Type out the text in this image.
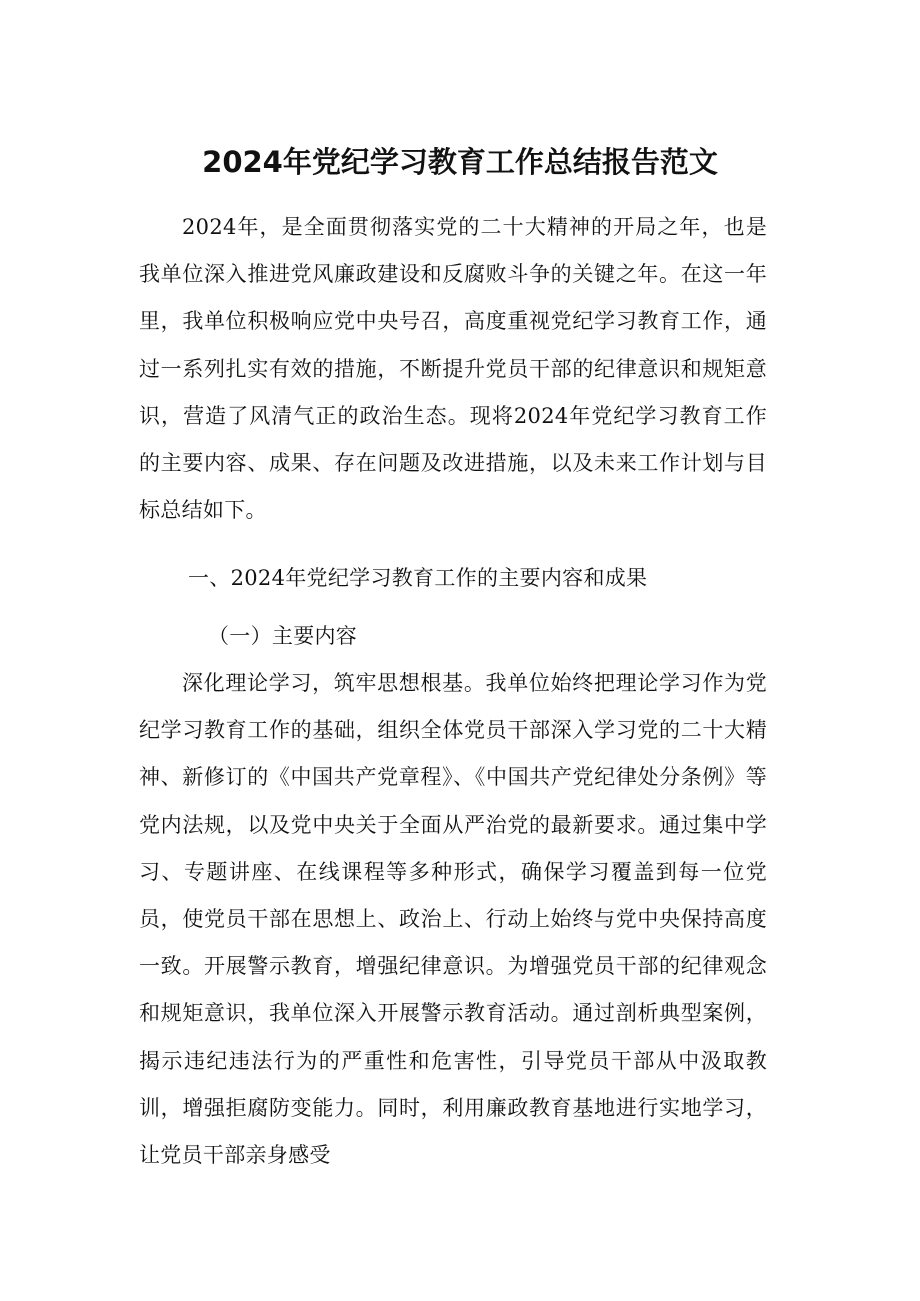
2024年党纪学习教育工作总结报告范文

2024年，是全面贯彻落实党的二十大精神的开局之年，也是我单位深入推进党风廉政建设和反腐败斗争的关键之年。在这一年里，我单位积极响应党中央号召，高度重视党纪学习教育工作，通过一系列扎实有效的措施，不断提升党员干部的纪律意识和规矩意识，营造了风清气正的政治生态。现将2024年党纪学习教育工作的主要内容、成果、存在问题及改进措施，以及未来工作计划与目标总结如下。

一、2024年党纪学习教育工作的主要内容和成果

（一）主要内容

深化理论学习，筑牢思想根基。我单位始终把理论学习作为党纪学习教育工作的基础，组织全体党员干部深入学习党的二十大精神、新修订的《中国共产党章程》、《中国共产党纪律处分条例》等党内法规，以及党中央关于全面从严治党的最新要求。通过集中学习、专题讲座、在线课程等多种形式，确保学习覆盖到每一位党员，使党员干部在思想上、政治上、行动上始终与党中央保持高度一致。开展警示教育，增强纪律意识。为增强党员干部的纪律观念和规矩意识，我单位深入开展警示教育活动。通过剖析典型案例，揭示违纪违法行为的严重性和危害性，引导党员干部从中汲取教训，增强拒腐防变能力。同时，利用廉政教育基地进行实地学习，让党员干部亲身感受
